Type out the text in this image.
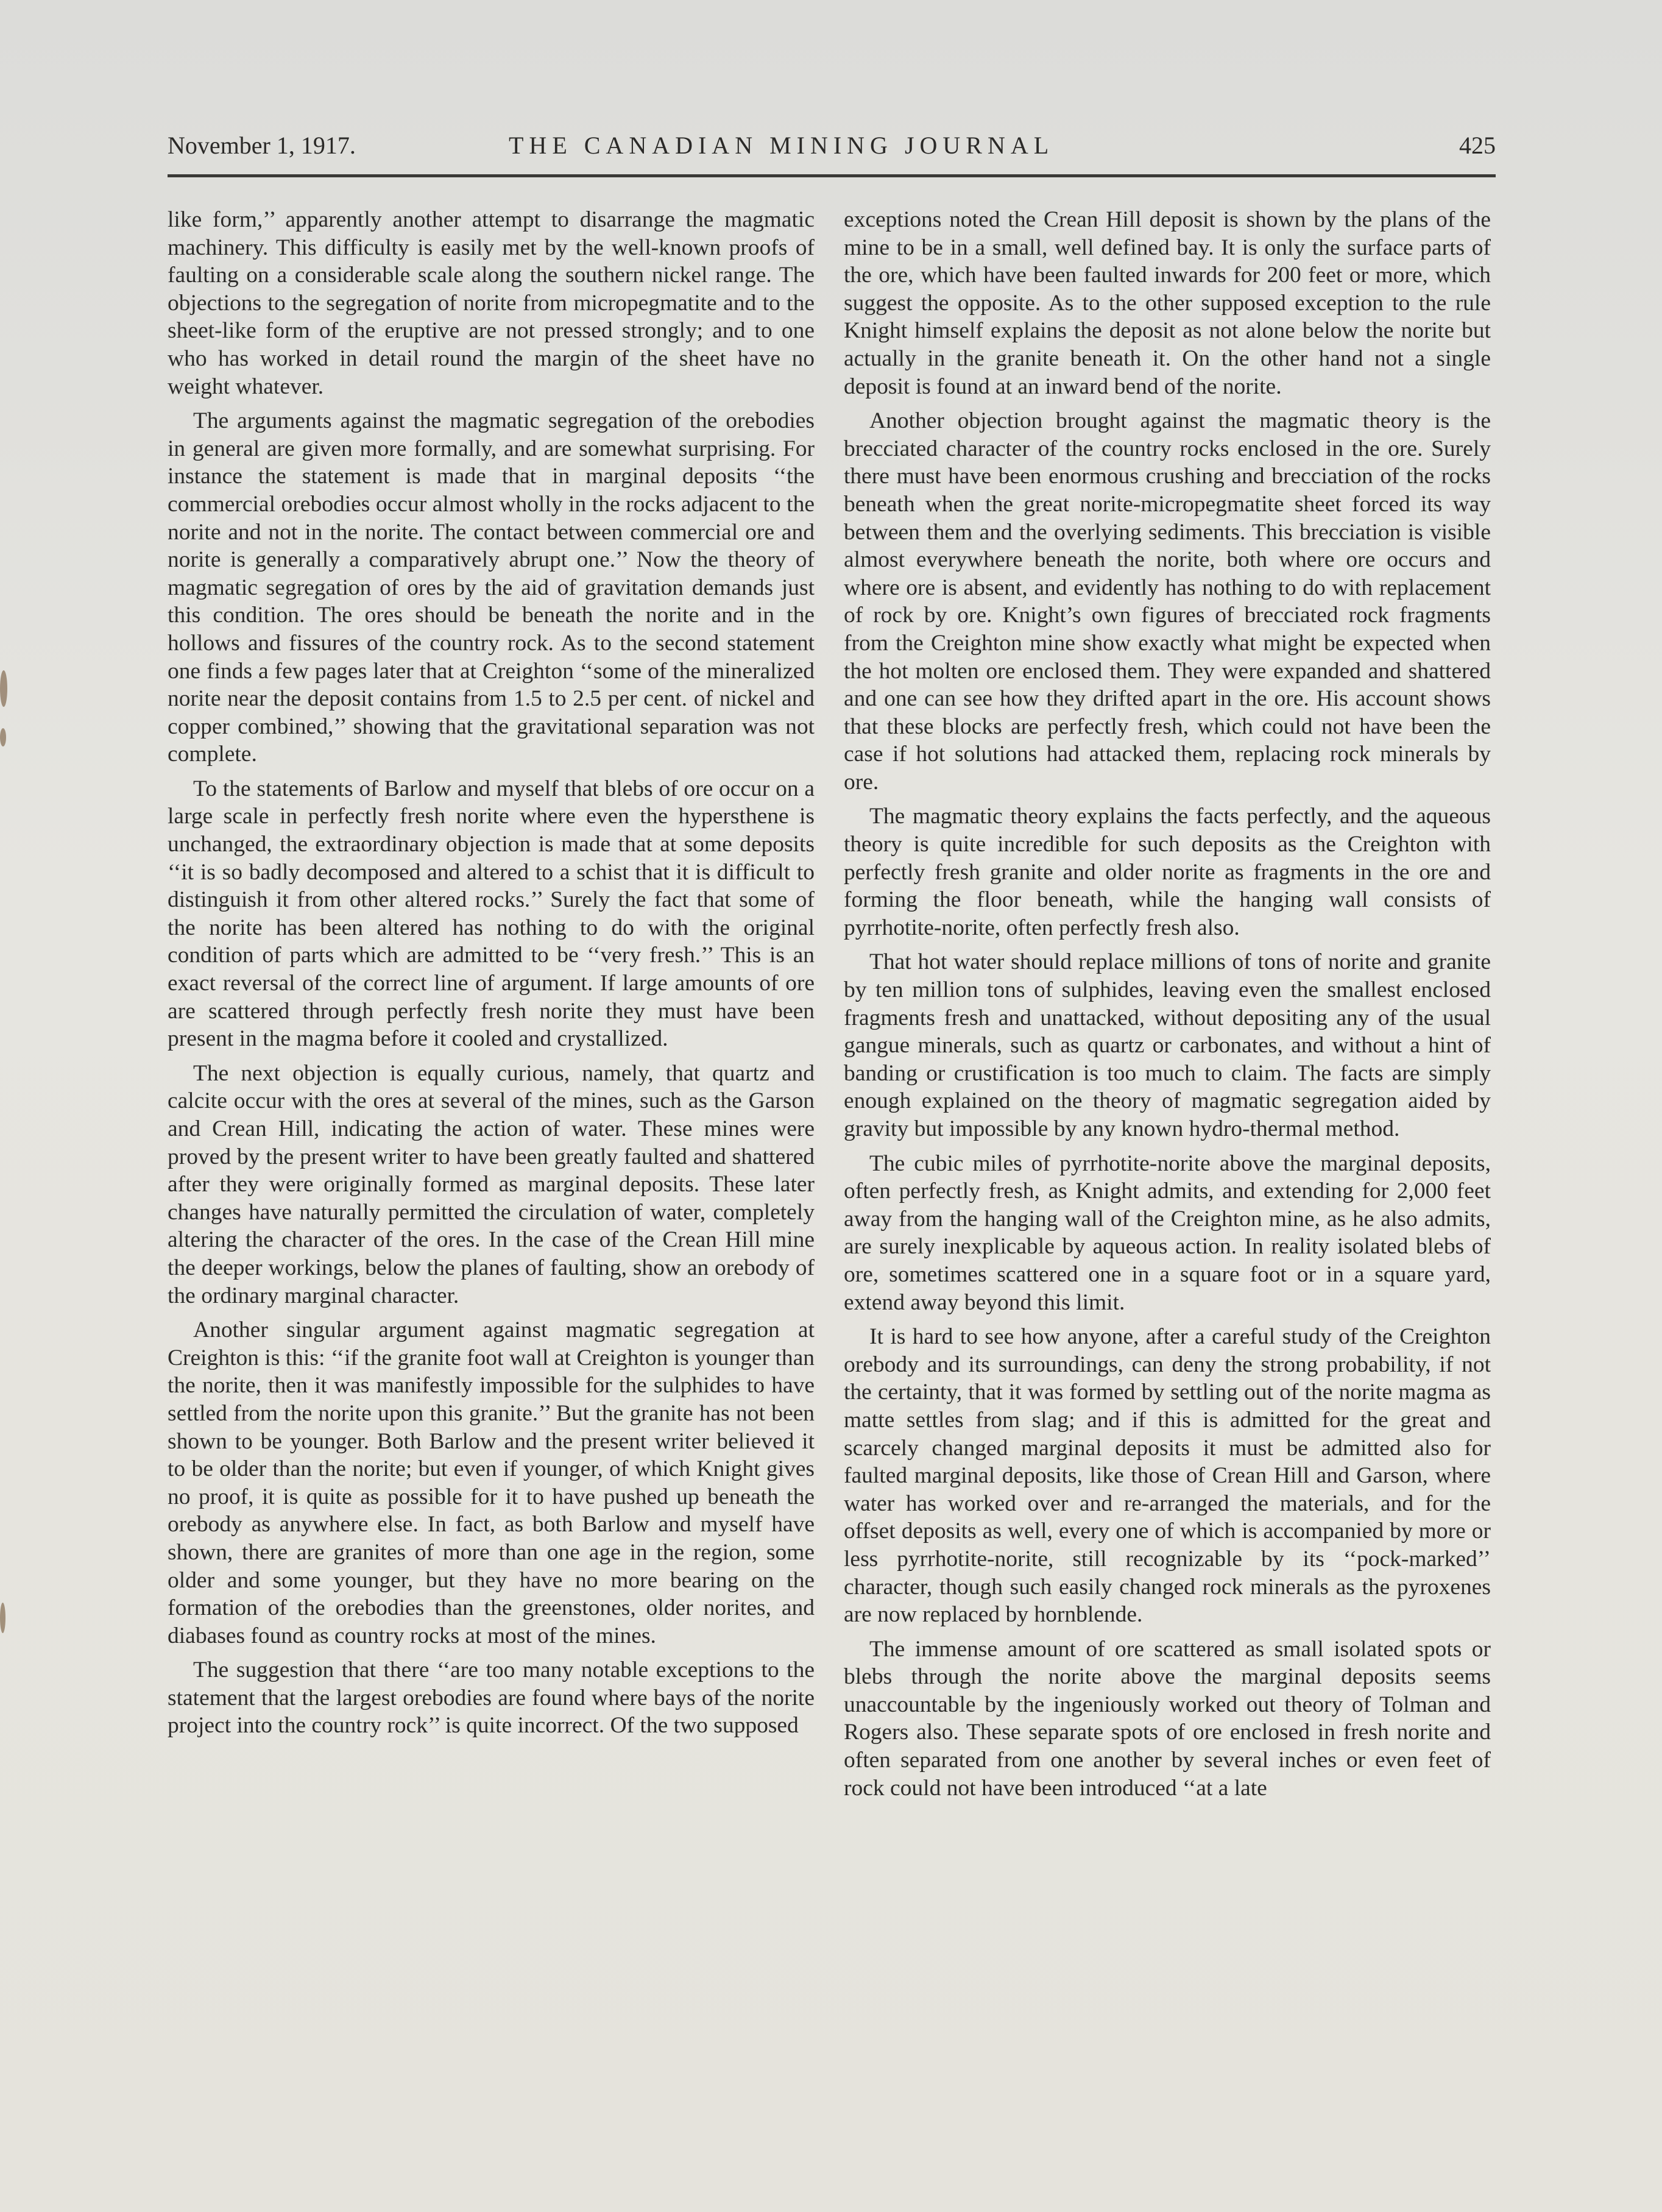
November 1, 1917.	THE CANADIAN MINING JOURNAL	425

like form,’’ apparently another attempt to disarrange the magmatic machinery. This difficulty is easily met by the well-known proofs of faulting on a considerable scale along the southern nickel range. The objections to the segregation of norite from micropegmatite and to the sheet-like form of the eruptive are not pressed strongly; and to one who has worked in detail round the margin of the sheet have no weight whatever.

The arguments against the magmatic segregation of the orebodies in general are given more formally, and are somewhat surprising. For instance the statement is made that in marginal deposits ‘‘the commercial orebodies occur almost wholly in the rocks adjacent to the norite and not in the norite. The contact between commercial ore and norite is generally a comparatively abrupt one.’’ Now the theory of magmatic segregation of ores by the aid of gravitation demands just this condition. The ores should be beneath the norite and in the hollows and fissures of the country rock. As to the second statement one finds a few pages later that at Creighton ‘‘some of the mineralized norite near the deposit contains from 1.5 to 2.5 per cent. of nickel and copper combined,’’ showing that the gravitational separation was not complete.

To the statements of Barlow and myself that blebs of ore occur on a large scale in perfectly fresh norite where even the hypersthene is unchanged, the extraordinary objection is made that at some deposits ‘‘it is so badly decomposed and altered to a schist that it is difficult to distinguish it from other altered rocks.’’ Surely the fact that some of the norite has been altered has nothing to do with the original condition of parts which are admitted to be ‘‘very fresh.’’ This is an exact reversal of the correct line of argument. If large amounts of ore are scattered through perfectly fresh norite they must have been present in the magma before it cooled and crystallized.

The next objection is equally curious, namely, that quartz and calcite occur with the ores at several of the mines, such as the Garson and Crean Hill, indicating the action of water. These mines were proved by the present writer to have been greatly faulted and shattered after they were originally formed as marginal deposits. These later changes have naturally permitted the circulation of water, completely altering the character of the ores. In the case of the Crean Hill mine the deeper workings, below the planes of faulting, show an orebody of the ordinary marginal character.

Another singular argument against magmatic segregation at Creighton is this: ‘‘if the granite foot wall at Creighton is younger than the norite, then it was manifestly impossible for the sulphides to have settled from the norite upon this granite.’’ But the granite has not been shown to be younger. Both Barlow and the present writer believed it to be older than the norite; but even if younger, of which Knight gives no proof, it is quite as possible for it to have pushed up beneath the orebody as anywhere else. In fact, as both Barlow and myself have shown, there are granites of more than one age in the region, some older and some younger, but they have no more bearing on the formation of the orebodies than the greenstones, older norites, and diabases found as country rocks at most of the mines.

The suggestion that there ‘‘are too many notable exceptions to the statement that the largest orebodies are found where bays of the norite project into the country rock’’ is quite incorrect. Of the two supposed

exceptions noted the Crean Hill deposit is shown by the plans of the mine to be in a small, well defined bay. It is only the surface parts of the ore, which have been faulted inwards for 200 feet or more, which suggest the opposite. As to the other supposed exception to the rule Knight himself explains the deposit as not alone below the norite but actually in the granite beneath it. On the other hand not a single deposit is found at an inward bend of the norite.

Another objection brought against the magmatic theory is the brecciated character of the country rocks enclosed in the ore. Surely there must have been enormous crushing and brecciation of the rocks beneath when the great norite-micropegmatite sheet forced its way between them and the overlying sediments. This brecciation is visible almost everywhere beneath the norite, both where ore occurs and where ore is absent, and evidently has nothing to do with replacement of rock by ore. Knight’s own figures of brecciated rock fragments from the Creighton mine show exactly what might be expected when the hot molten ore enclosed them. They were expanded and shattered and one can see how they drifted apart in the ore. His account shows that these blocks are perfectly fresh, which could not have been the case if hot solutions had attacked them, replacing rock minerals by ore.

The magmatic theory explains the facts perfectly, and the aqueous theory is quite incredible for such deposits as the Creighton with perfectly fresh granite and older norite as fragments in the ore and forming the floor beneath, while the hanging wall consists of pyrrhotite-norite, often perfectly fresh also.

That hot water should replace millions of tons of norite and granite by ten million tons of sulphides, leaving even the smallest enclosed fragments fresh and unattacked, without depositing any of the usual gangue minerals, such as quartz or carbonates, and without a hint of banding or crustification is too much to claim. The facts are simply enough explained on the theory of magmatic segregation aided by gravity but impossible by any known hydro-thermal method.

The cubic miles of pyrrhotite-norite above the marginal deposits, often perfectly fresh, as Knight admits, and extending for 2,000 feet away from the hanging wall of the Creighton mine, as he also admits, are surely inexplicable by aqueous action. In reality isolated blebs of ore, sometimes scattered one in a square foot or in a square yard, extend away beyond this limit.

It is hard to see how anyone, after a careful study of the Creighton orebody and its surroundings, can deny the strong probability, if not the certainty, that it was formed by settling out of the norite magma as matte settles from slag; and if this is admitted for the great and scarcely changed marginal deposits it must be admitted also for faulted marginal deposits, like those of Crean Hill and Garson, where water has worked over and re-arranged the materials, and for the offset deposits as well, every one of which is accompanied by more or less pyrrhotite-norite, still recognizable by its ‘‘pock-marked’’ character, though such easily changed rock minerals as the pyroxenes are now replaced by hornblende.

The immense amount of ore scattered as small isolated spots or blebs through the norite above the marginal deposits seems unaccountable by the ingeniously worked out theory of Tolman and Rogers also. These separate spots of ore enclosed in fresh norite and often separated from one another by several inches or even feet of rock could not have been introduced ‘‘at a late
